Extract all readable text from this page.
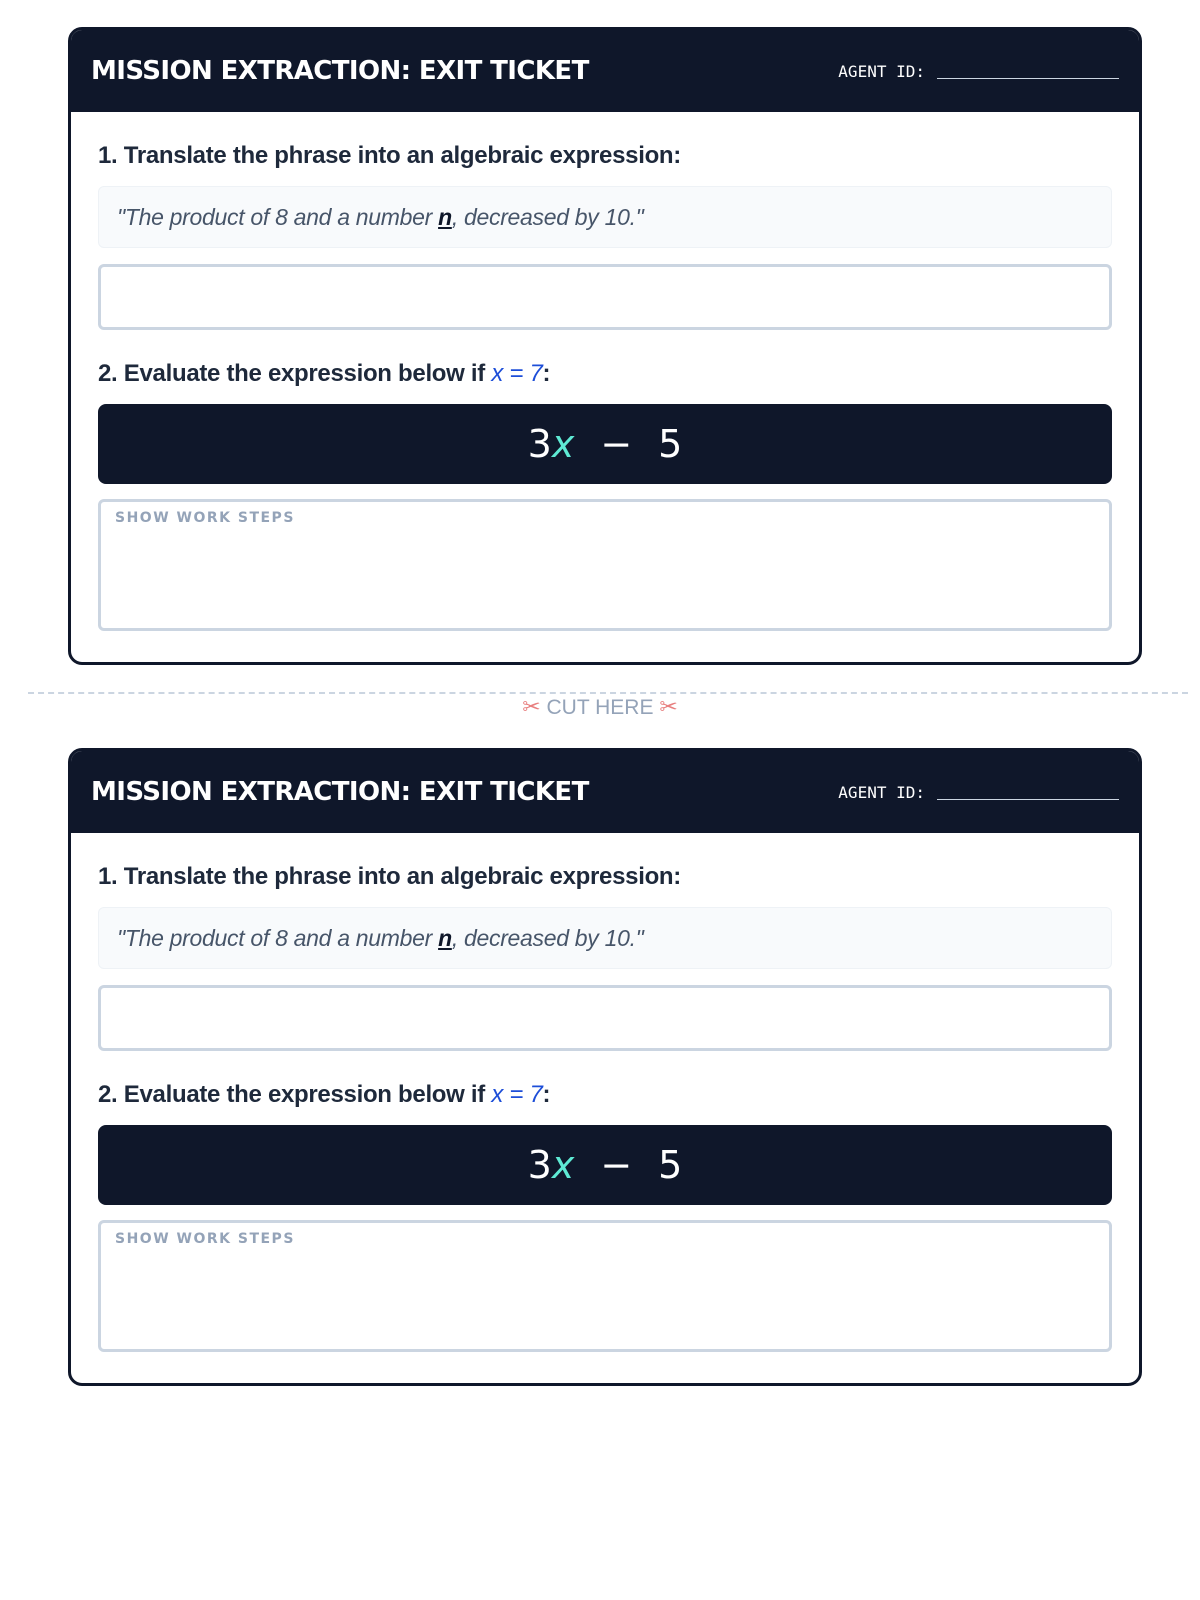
MISSION EXTRACTION: EXIT TICKET	AGENT ID:
1. Translate the phrase into an algebraic expression:
"The product of 8 and a number n , decreased by 10."
2. Evaluate the expression below if x = 7:
3 x − 5
SHOW WORK STEPS
✂ CUT HERE ✂
MISSION EXTRACTION: EXIT TICKET	AGENT ID:
1. Translate the phrase into an algebraic expression:
"The product of 8 and a number n , decreased by 10."
2. Evaluate the expression below if x = 7:
3 x − 5
SHOW WORK STEPS
